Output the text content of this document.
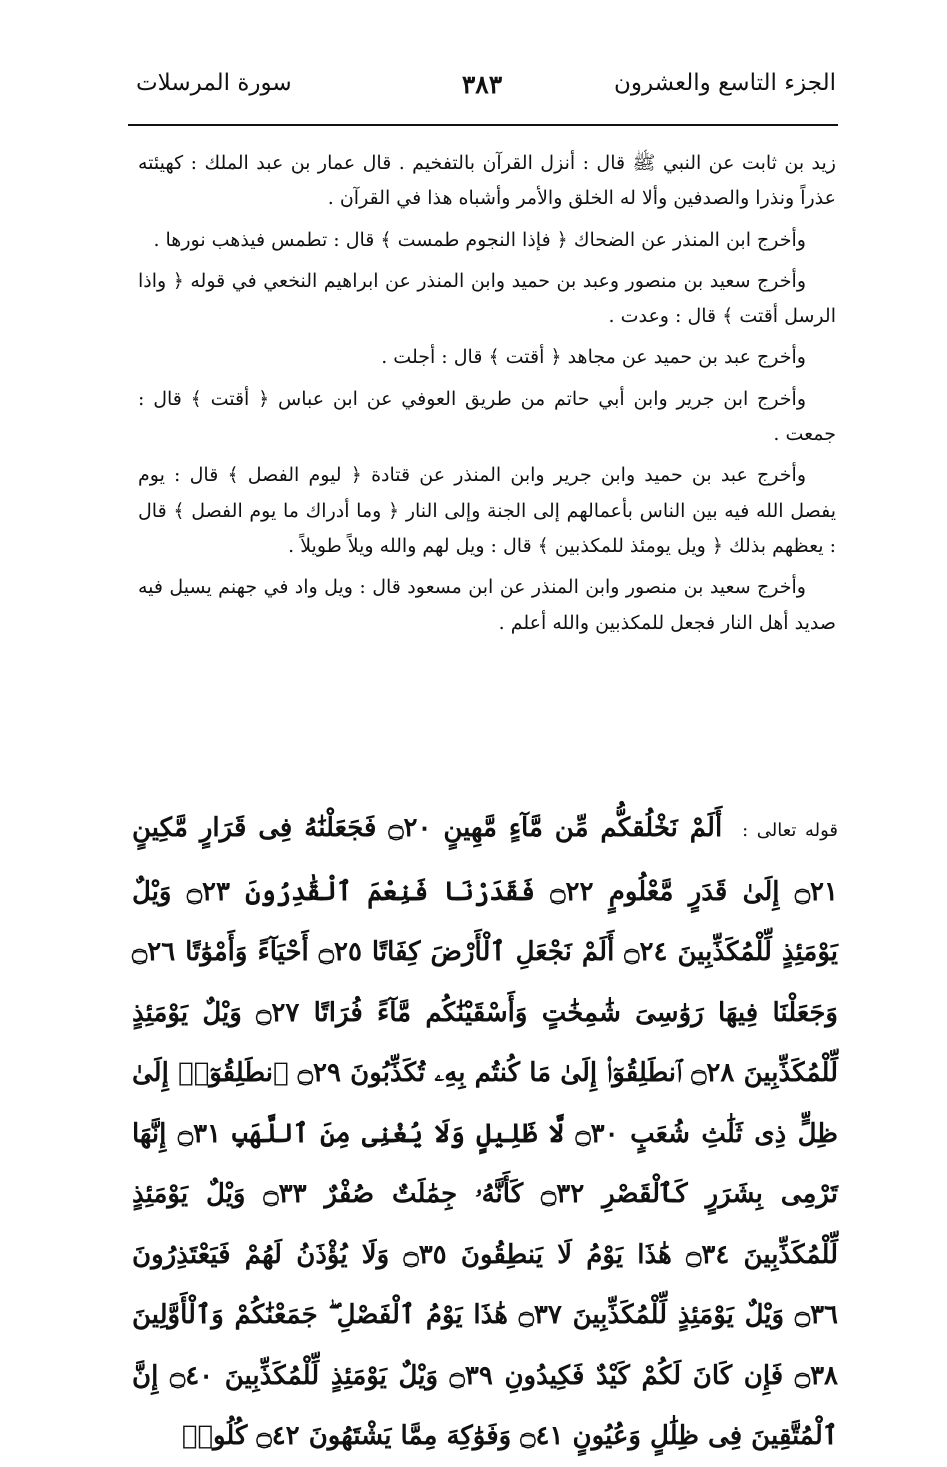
الجزء التاسع والعشرون
٣٨٣
سورة المرسلات

زيد بن ثابت عن النبي ﷺ قال : أنزل القرآن بالتفخيم . قال عمار بن عبد الملك : كهيئته عذراً ونذرا والصدفين وألا له الخلق والأمر وأشباه هذا في القرآن .

وأخرج ابن المنذر عن الضحاك ﴿ فإذا النجوم طمست ﴾ قال : تطمس فيذهب نورها .

وأخرج سعيد بن منصور وعبد بن حميد وابن المنذر عن ابراهيم النخعي في قوله ﴿ واذا الرسل أقتت ﴾ قال : وعدت .

وأخرج عبد بن حميد عن مجاهد ﴿ أقتت ﴾ قال : أجلت .

وأخرج ابن جرير وابن أبي حاتم من طريق العوفي عن ابن عباس ﴿ أقتت ﴾ قال : جمعت .

وأخرج عبد بن حميد وابن جرير وابن المنذر عن قتادة ﴿ ليوم الفصل ﴾ قال : يوم يفصل الله فيه بين الناس بأعمالهم إلى الجنة وإلى النار ﴿ وما أدراك ما يوم الفصل ﴾ قال : يعظهم بذلك ﴿ ويل يومئذ للمكذبين ﴾ قال : ويل لهم والله ويلاً طويلاً .

وأخرج سعيد بن منصور وابن المنذر عن ابن مسعود قال : ويل واد في جهنم يسيل فيه صديد أهل النار فجعل للمكذبين والله أعلم .

قوله تعالى : أَلَمْ نَخْلُقكُّم مِّن مَّآءٍ مَّهِينٍ ۝٢٠ فَجَعَلْنَٰهُ فِى قَرَارٍ مَّكِينٍ ۝٢١ إِلَىٰ قَدَرٍ مَّعْلُومٍ ۝٢٢ فَقَدَرْنَا فَنِعْمَ ٱلْقَٰدِرُونَ ۝٢٣ وَيْلٌ يَوْمَئِذٍ لِّلْمُكَذِّبِينَ ۝٢٤ أَلَمْ نَجْعَلِ ٱلْأَرْضَ كِفَاتًا ۝٢٥ أَحْيَآءً وَأَمْوَٰتًا ۝٢٦ وَجَعَلْنَا فِيهَا رَوَٰسِىَ شَٰمِخَٰتٍ وَأَسْقَيْنَٰكُم مَّآءً فُرَاتًا ۝٢٧ وَيْلٌ يَوْمَئِذٍ لِّلْمُكَذِّبِينَ ۝٢٨ ٱنطَلِقُوٓا۟ إِلَىٰ مَا كُنتُم بِهِۦ تُكَذِّبُونَ ۝٢٩ ٱنطَلِقُوٓا۟ إِلَىٰ ظِلٍّ ذِى ثَلَٰثِ شُعَبٍ ۝٣٠ لَّا ظَلِيلٍ وَلَا يُغْنِى مِنَ ٱللَّهَبِ ۝٣١ إِنَّهَا تَرْمِى بِشَرَرٍ كَٱلْقَصْرِ ۝٣٢ كَأَنَّهُۥ جِمَٰلَتٌ صُفْرٌ ۝٣٣ وَيْلٌ يَوْمَئِذٍ لِّلْمُكَذِّبِينَ ۝٣٤ هَٰذَا يَوْمُ لَا يَنطِقُونَ ۝٣٥ وَلَا يُؤْذَنُ لَهُمْ فَيَعْتَذِرُونَ ۝٣٦ وَيْلٌ يَوْمَئِذٍ لِّلْمُكَذِّبِينَ ۝٣٧ هَٰذَا يَوْمُ ٱلْفَصْلِ ۖ جَمَعْنَٰكُمْ وَٱلْأَوَّلِينَ ۝٣٨ فَإِن كَانَ لَكُمْ كَيْدٌ فَكِيدُونِ ۝٣٩ وَيْلٌ يَوْمَئِذٍ لِّلْمُكَذِّبِينَ ۝٤٠ إِنَّ ٱلْمُتَّقِينَ فِى ظِلَٰلٍ وَعُيُونٍ ۝٤١ وَفَوَٰكِهَ مِمَّا يَشْتَهُونَ ۝٤٢ كُلُوا۟
